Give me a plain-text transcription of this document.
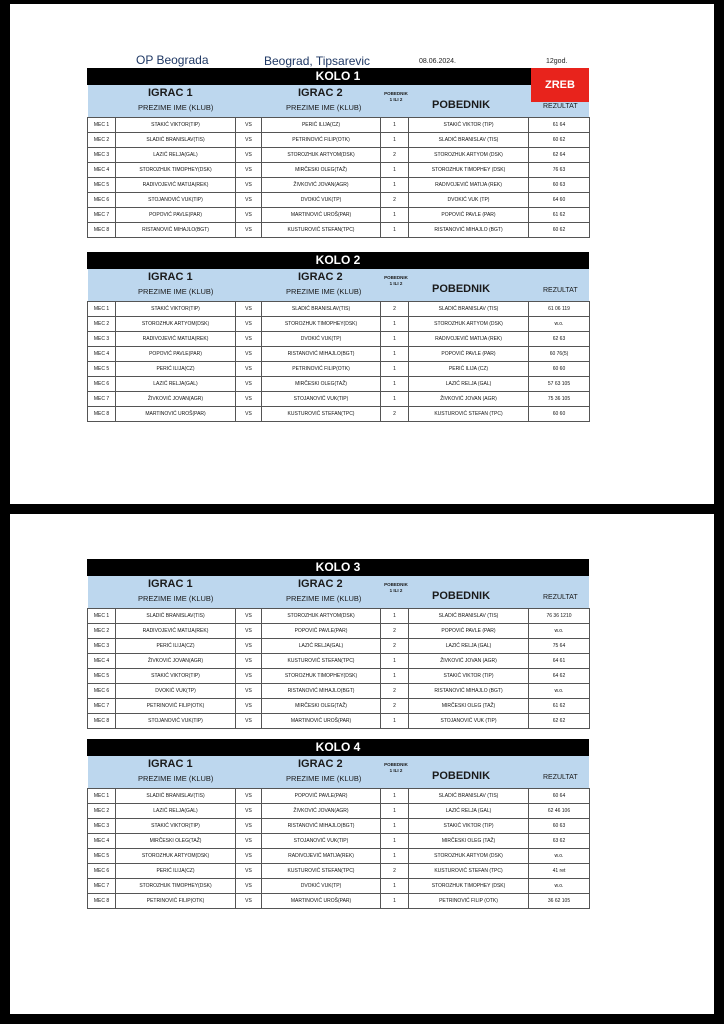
OP Beograda	Beograd, Tipsarevic	08.06.2024.	12god.
KOLO 1
ZREB
IGRAC 1	IGRAC 2
PREZIME IME (KLUB)	PREZIME IME (KLUB)
POBEDNIK 1 ILI 2	POBEDNIK	REZULTAT
MEC 1	STAKIĆ VIKTOR(TIP)	VS	PERIĆ ILIJA(CZ)	1	STAKIĆ VIKTOR (TIP)	61 64
MEC 2	SLADIĆ BRANISLAV(TIS)	VS	PETRINOVIĆ FILIP(OTK)	1	SLADIĆ BRANISLAV (TIS)	60 62
MEC 3	LAZIĆ RELJA(GAL)	VS	STOROZHUK ARTYOM(DSK)	2	STOROZHUK ARTYOM (DSK)	62 64
MEC 4	STOROZHUK TIMOPHEY(DSK)	VS	MIRČESKI OLEG(TAŽ)	1	STOROZHUK TIMOPHEY (DSK)	76 63
MEC 5	RADIVOJEVIĆ MATIJA(REK)	VS	ŽIVKOVIĆ JOVAN(AGR)	1	RADIVOJEVIĆ MATIJA (REK)	60 63
MEC 6	STOJANOVIĆ VUK(TIP)	VS	DVOKIĆ VUK(TP)	2	DVOKIĆ VUK (TP)	64 60
MEC 7	POPOVIĆ PAVLE(PAR)	VS	MARTINOVIĆ UROŠ(PAR)	1	POPOVIĆ PAVLE (PAR)	61 62
MEC 8	RISTANOVIĆ MIHAJLO(BGT)	VS	KUSTUROVIĆ STEFAN(TPC)	1	RISTANOVIĆ MIHAJLO (BGT)	60 62
KOLO 2
IGRAC 1	IGRAC 2
PREZIME IME (KLUB)	PREZIME IME (KLUB)
POBEDNIK 1 ILI 2	POBEDNIK	REZULTAT
MEC 1	STAKIĆ VIKTOR(TIP)	VS	SLADIĆ BRANISLAV(TIS)	2	SLADIĆ BRANISLAV (TIS)	61 06 119
MEC 2	STOROZHUK ARTYOM(DSK)	VS	STOROZHUK TIMOPHEY(DSK)	1	STOROZHUK ARTYOM (DSK)	w.o.
MEC 3	RADIVOJEVIĆ MATIJA(REK)	VS	DVOKIĆ VUK(TP)	1	RADIVOJEVIĆ MATIJA (REK)	62 63
MEC 4	POPOVIĆ PAVLE(PAR)	VS	RISTANOVIĆ MIHAJLO(BGT)	1	POPOVIĆ PAVLE (PAR)	60 76(5)
MEC 5	PERIĆ ILIJA(CZ)	VS	PETRINOVIĆ FILIP(OTK)	1	PERIĆ ILIJA (CZ)	60 60
MEC 6	LAZIĆ RELJA(GAL)	VS	MIRČESKI OLEG(TAŽ)	1	LAZIĆ RELJA (GAL)	57 63 105
MEC 7	ŽIVKOVIĆ JOVAN(AGR)	VS	STOJANOVIĆ VUK(TIP)	1	ŽIVKOVIĆ JOVAN (AGR)	75 36 105
MEC 8	MARTINOVIĆ UROŠ(PAR)	VS	KUSTUROVIĆ STEFAN(TPC)	2	KUSTUROVIĆ STEFAN (TPC)	60 60
KOLO 3
IGRAC 1	IGRAC 2
PREZIME IME (KLUB)	PREZIME IME (KLUB)
POBEDNIK 1 ILI 2	POBEDNIK	REZULTAT
MEC 1	SLADIĆ BRANISLAV(TIS)	VS	STOROZHUK ARTYOM(DSK)	1	SLADIĆ BRANISLAV (TIS)	76 36 1210
MEC 2	RADIVOJEVIĆ MATIJA(REK)	VS	POPOVIĆ PAVLE(PAR)	2	POPOVIĆ PAVLE (PAR)	w.o.
MEC 3	PERIĆ ILIJA(CZ)	VS	LAZIĆ RELJA(GAL)	2	LAZIĆ RELJA (GAL)	75 64
MEC 4	ŽIVKOVIĆ JOVAN(AGR)	VS	KUSTUROVIĆ STEFAN(TPC)	1	ŽIVKOVIĆ JOVAN (AGR)	64 61
MEC 5	STAKIĆ VIKTOR(TIP)	VS	STOROZHUK TIMOPHEY(DSK)	1	STAKIĆ VIKTOR (TIP)	64 62
MEC 6	DVOKIĆ VUK(TP)	VS	RISTANOVIĆ MIHAJLO(BGT)	2	RISTANOVIĆ MIHAJLO (BGT)	w.o.
MEC 7	PETRINOVIĆ FILIP(OTK)	VS	MIRČESKI OLEG(TAŽ)	2	MIRČESKI OLEG (TAŽ)	61 62
MEC 8	STOJANOVIĆ VUK(TIP)	VS	MARTINOVIĆ UROŠ(PAR)	1	STOJANOVIĆ VUK (TIP)	62 62
KOLO 4
IGRAC 1	IGRAC 2
PREZIME IME (KLUB)	PREZIME IME (KLUB)
POBEDNIK 1 ILI 2	POBEDNIK	REZULTAT
MEC 1	SLADIĆ BRANISLAV(TIS)	VS	POPOVIĆ PAVLE(PAR)	1	SLADIĆ BRANISLAV (TIS)	60 64
MEC 2	LAZIĆ RELJA(GAL)	VS	ŽIVKOVIĆ JOVAN(AGR)	1	LAZIĆ RELJA (GAL)	62 46 106
MEC 3	STAKIĆ VIKTOR(TIP)	VS	RISTANOVIĆ MIHAJLO(BGT)	1	STAKIĆ VIKTOR (TIP)	60 63
MEC 4	MIRČESKI OLEG(TAŽ)	VS	STOJANOVIĆ VUK(TIP)	1	MIRČESKI OLEG (TAŽ)	63 62
MEC 5	STOROZHUK ARTYOM(DSK)	VS	RADIVOJEVIĆ MATIJA(REK)	1	STOROZHUK ARTYOM (DSK)	w.o.
MEC 6	PERIĆ ILIJA(CZ)	VS	KUSTUROVIĆ STEFAN(TPC)	2	KUSTUROVIĆ STEFAN (TPC)	41 ret
MEC 7	STOROZHUK TIMOPHEY(DSK)	VS	DVOKIĆ VUK(TP)	1	STOROZHUK TIMOPHEY (DSK)	w.o.
MEC 8	PETRINOVIĆ FILIP(OTK)	VS	MARTINOVIĆ UROŠ(PAR)	1	PETRINOVIĆ FILIP (OTK)	36 62 105
